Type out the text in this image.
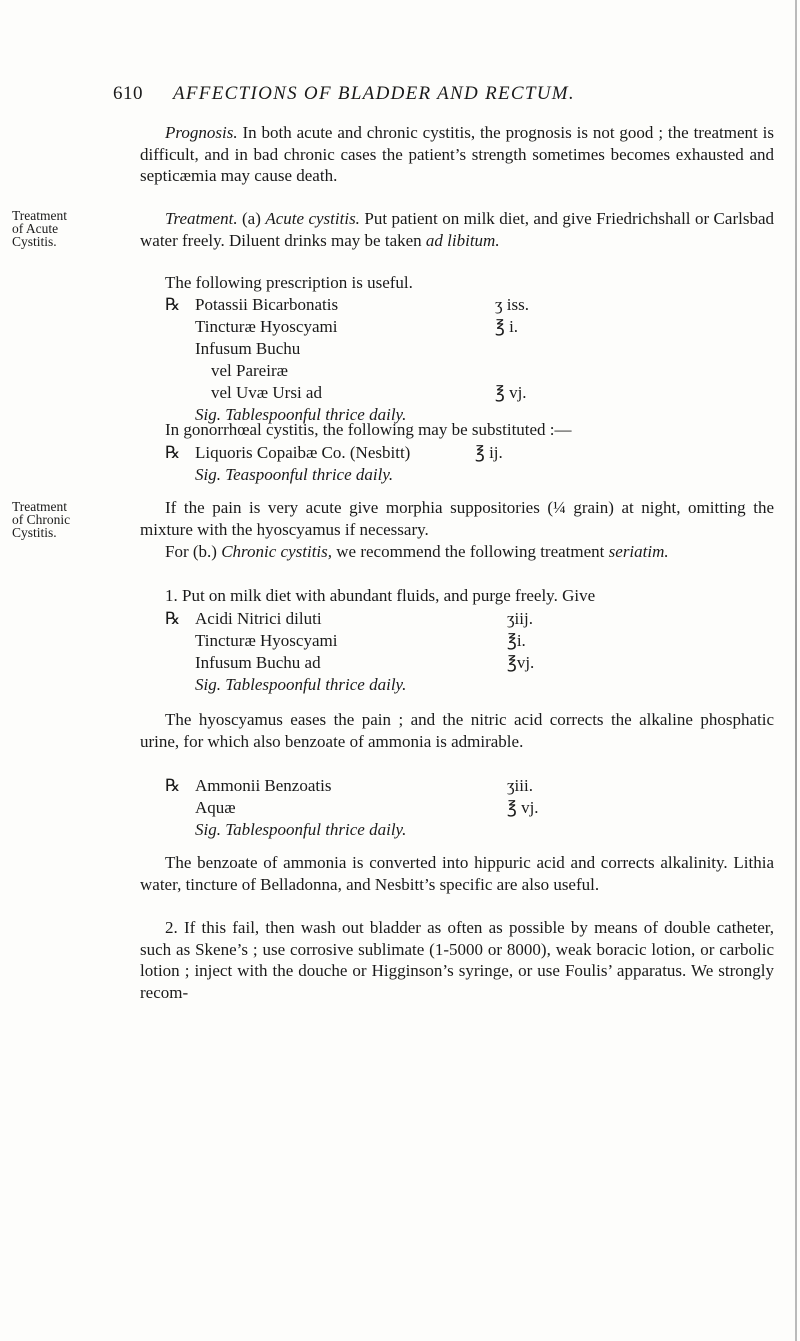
610 AFFECTIONS OF BLADDER AND RECTUM.
Prognosis. In both acute and chronic cystitis, the prognosis is not good ; the treatment is difficult, and in bad chronic cases the patient’s strength sometimes becomes exhausted and septicæmia may cause death.
Treatment
of Acute
Cystitis.
Treatment. (a) Acute cystitis. Put patient on milk diet, and give Friedrichshall or Carlsbad water freely. Diluent drinks may be taken ad libitum.
The following prescription is useful.
℞ Potassii Bicarbonatis	ʒ iss.
Tincturæ Hyoscyami	℥ i.
Infusum Buchu
vel Pareiræ
vel Uvæ Ursi ad	℥ vj.
Sig. Tablespoonful thrice daily.
In gonorrhœal cystitis, the following may be substituted :—
℞ Liquoris Copaibæ Co. (Nesbitt)	℥ ij.
Sig. Teaspoonful thrice daily.
Treatment
of Chronic
Cystitis.
If the pain is very acute give morphia suppositories (¼ grain) at night, omitting the mixture with the hyoscyamus if necessary.
For (b.) Chronic cystitis, we recommend the following treatment seriatim.
1. Put on milk diet with abundant fluids, and purge freely. Give
℞ Acidi Nitrici diluti	ʒiij.
Tincturæ Hyoscyami	℥i.
Infusum Buchu ad	℥vj.
Sig. Tablespoonful thrice daily.
The hyoscyamus eases the pain ; and the nitric acid corrects the alkaline phosphatic urine, for which also benzoate of ammonia is admirable.
℞ Ammonii Benzoatis	ʒiii.
Aquæ	℥ vj.
Sig. Tablespoonful thrice daily.
The benzoate of ammonia is converted into hippuric acid and corrects alkalinity. Lithia water, tincture of Belladonna, and Nesbitt’s specific are also useful.
2. If this fail, then wash out bladder as often as possible by means of double catheter, such as Skene’s ; use corrosive sublimate (1-5000 or 8000), weak boracic lotion, or carbolic lotion ; inject with the douche or Higginson’s syringe, or use Foulis’ apparatus. We strongly recom-
